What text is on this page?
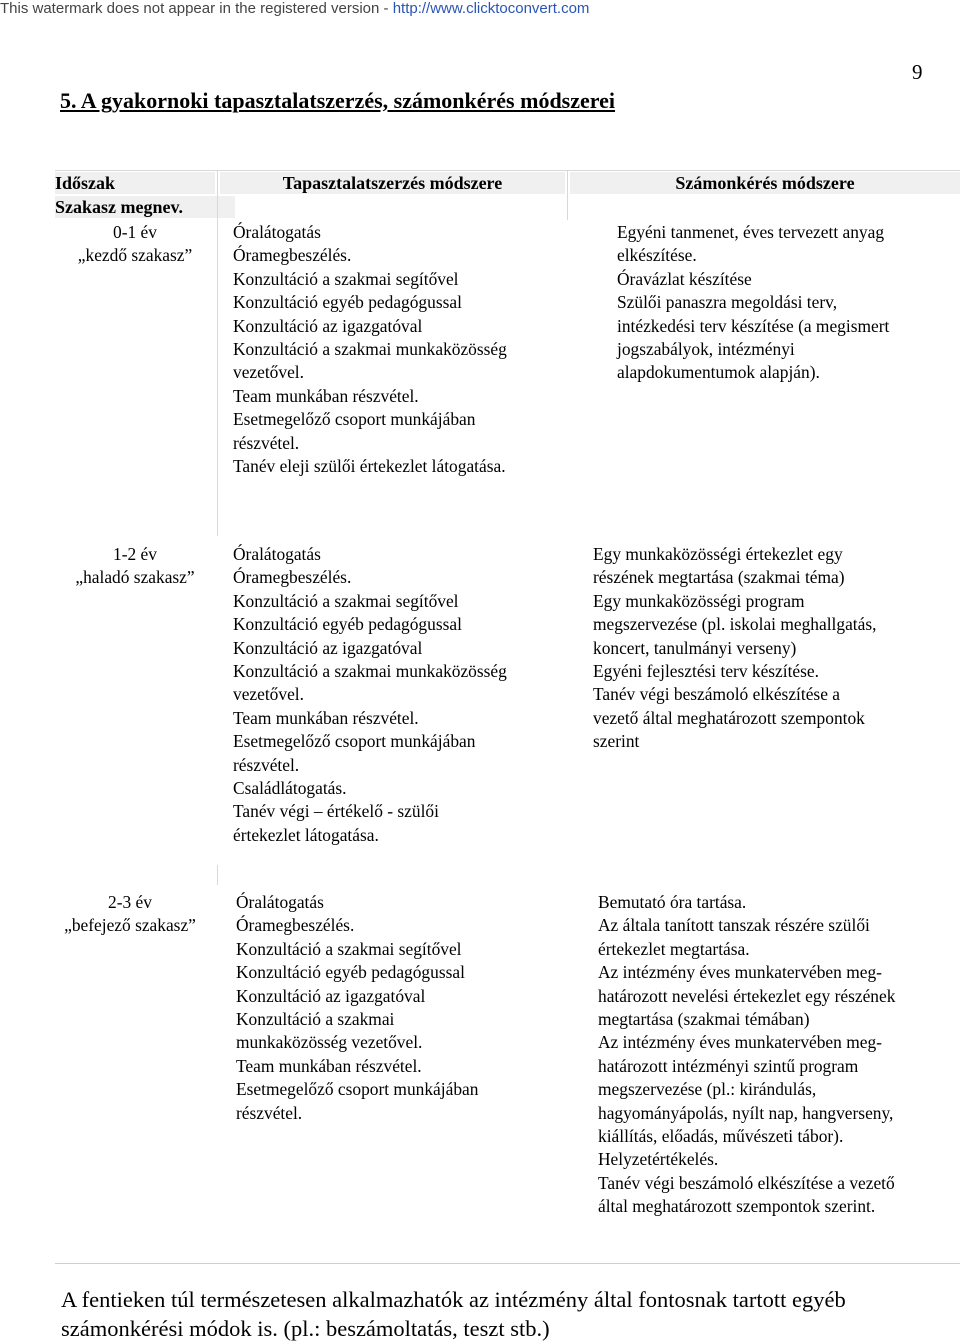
This watermark does not appear in the registered version - http://www.clicktoconvert.com
9
5. A gyakornoki tapasztalatszerzés, számonkérés módszerei
Időszak
Szakasz megnev.
Tapasztalatszerzés módszere	Számonkérés módszere
0-1 év
„kezdő szakasz”
Óralátogatás
Óramegbeszélés.
Konzultáció a szakmai segítővel
Konzultáció egyéb pedagógussal
Konzultáció az igazgatóval
Konzultáció a szakmai munkaközösség
vezetővel.
Team munkában részvétel.
Esetmegelőző csoport munkájában
részvétel.
Tanév eleji szülői értekezlet látogatása.
Egyéni tanmenet, éves tervezett anyag
elkészítése.
Óravázlat készítése
Szülői panaszra megoldási terv,
intézkedési terv készítése (a megismert
jogszabályok, intézményi
alapdokumentumok alapján).
1-2 év
„haladó szakasz”
Óralátogatás
Óramegbeszélés.
Konzultáció a szakmai segítővel
Konzultáció egyéb pedagógussal
Konzultáció az igazgatóval
Konzultáció a szakmai munkaközösség
vezetővel.
Team munkában részvétel.
Esetmegelőző csoport munkájában
részvétel.
Családlátogatás.
Tanév végi – értékelő - szülői
értekezlet látogatása.
Egy munkaközösségi értekezlet egy
részének megtartása (szakmai téma)
Egy munkaközösségi program
megszervezése (pl. iskolai meghallgatás,
koncert, tanulmányi verseny)
Egyéni fejlesztési terv készítése.
Tanév végi beszámoló elkészítése a
vezető által meghatározott szempontok
szerint
2-3 év
„befejező szakasz”
Óralátogatás
Óramegbeszélés.
Konzultáció a szakmai segítővel
Konzultáció egyéb pedagógussal
Konzultáció az igazgatóval
Konzultáció a szakmai
munkaközösség vezetővel.
Team munkában részvétel.
Esetmegelőző csoport munkájában
részvétel.
Bemutató óra tartása.
Az általa tanított tanszak részére szülői
értekezlet megtartása.
Az intézmény éves munkatervében meg-
határozott nevelési értekezlet egy részének
megtartása (szakmai témában)
Az intézmény éves munkatervében meg-
határozott intézményi szintű program
megszervezése (pl.: kirándulás,
hagyományápolás, nyílt nap, hangverseny,
kiállítás, előadás, művészeti tábor).
Helyzetértékelés.
Tanév végi beszámoló elkészítése a vezető
által meghatározott szempontok szerint.
A fentieken túl természetesen alkalmazhatók az intézmény által fontosnak tartott egyéb
számonkérési módok is. (pl.: beszámoltatás, teszt stb.)
